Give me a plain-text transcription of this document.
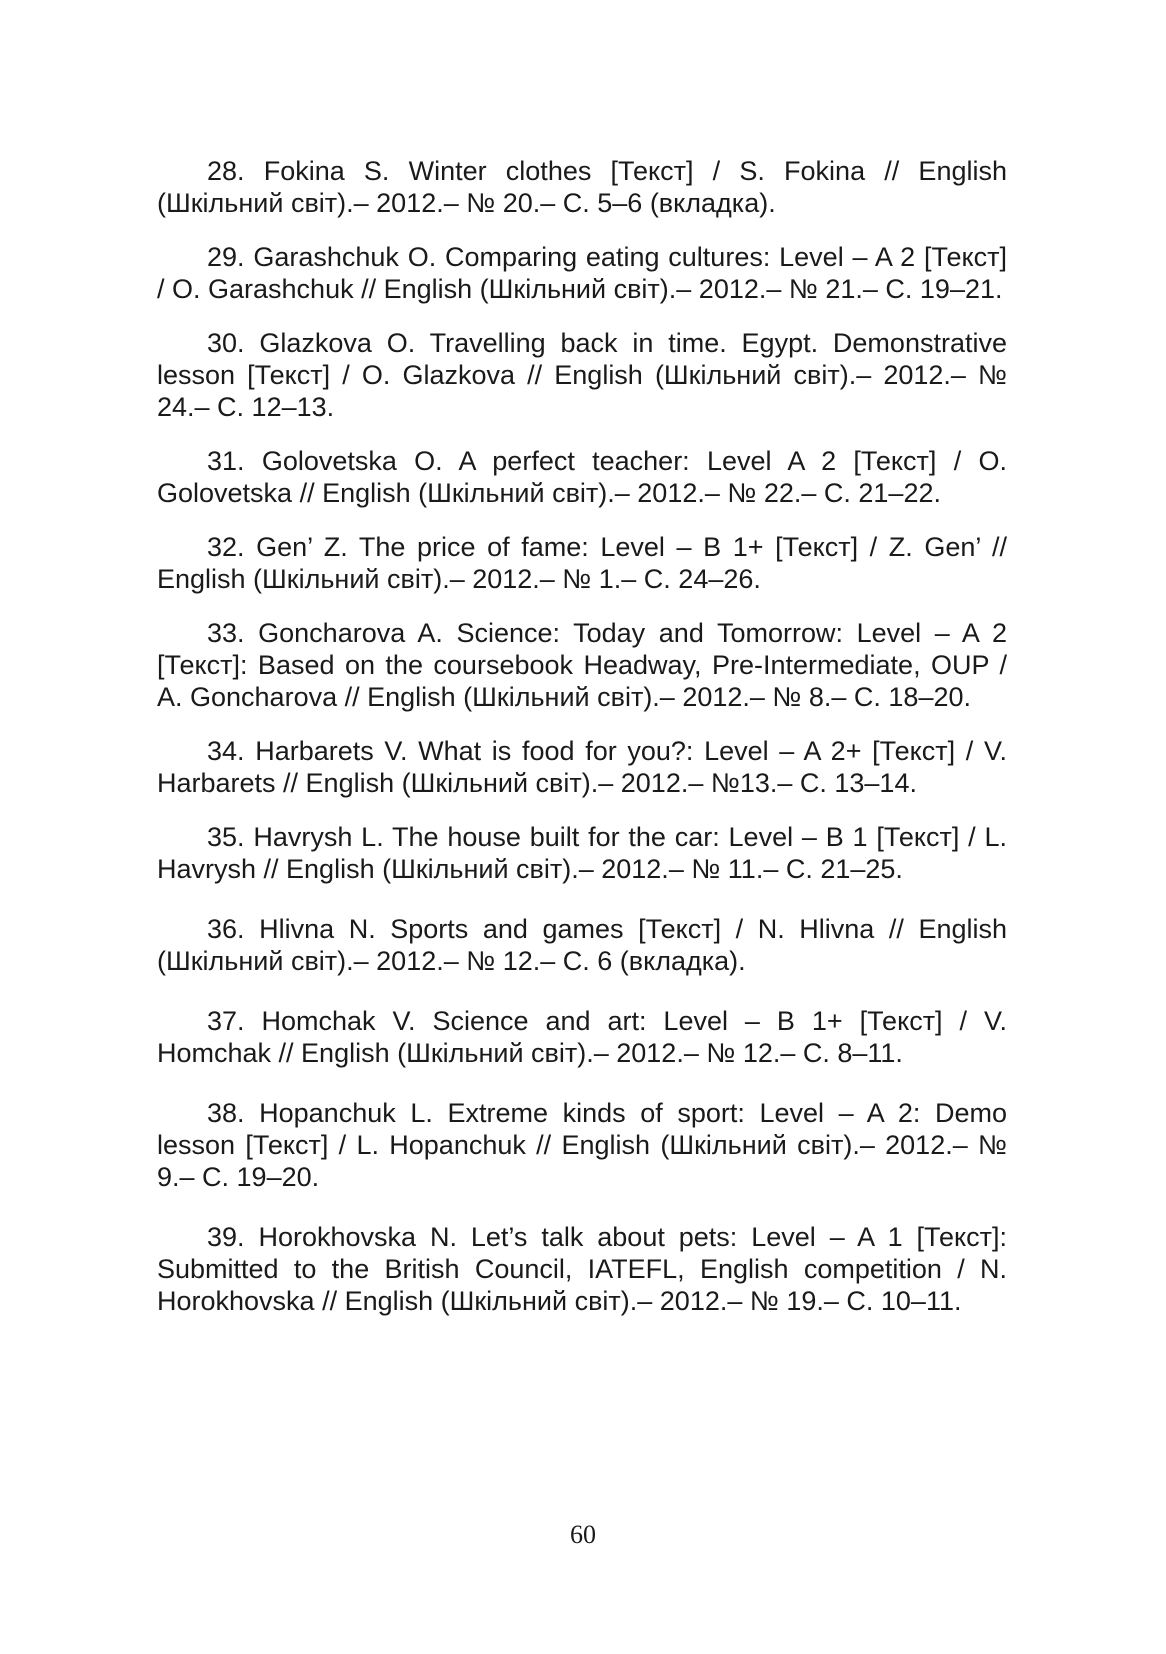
28. Fokina S. Winter clothes [Текст] / S. Fokina // English (Шкільний світ).– 2012.– № 20.– С. 5–6 (вкладка).

29. Garashchuk O. Comparing eating cultures: Level – A 2 [Текст] / O. Garashchuk // English (Шкільний світ).– 2012.– № 21.– С. 19–21.

30. Glazkova O. Travelling back in time. Egypt. Demonstrative lesson [Текст] / O. Glazkova // English (Шкільний світ).– 2012.– № 24.– С. 12–13.

31. Golovetska O. A perfect teacher: Level A 2 [Текст] / O. Golovetska // English (Шкільний світ).– 2012.– № 22.– С. 21–22.

32. Gen’ Z. The price of fame: Level – B 1+ [Текст] / Z. Gen’ // English (Шкільний світ).– 2012.– № 1.– С. 24–26.

33. Goncharova A. Science: Today and Tomorrow: Level – A 2 [Текст]: Based on the coursebook Headway, Pre-Intermediate, OUP / A. Goncharova // English (Шкільний світ).– 2012.– № 8.– С. 18–20.

34. Harbarets V. What is food for you?: Level – A 2+ [Текст] / V. Harbarets // English (Шкільний світ).– 2012.– №13.– С. 13–14.

35. Havrysh L. The house built for the car: Level – B 1 [Текст] / L. Havrysh // English (Шкільний світ).– 2012.– № 11.– С. 21–25.

36. Hlivna N. Sports and games [Текст] / N. Hlivna // English (Шкільний світ).– 2012.– № 12.– С. 6 (вкладка).

37. Homchak V. Science and art: Level – B 1+ [Текст] / V. Homchak // English (Шкільний світ).– 2012.– № 12.– С. 8–11.

38. Hopanchuk L. Extreme kinds of sport: Level – A 2: Demo lesson [Текст] / L. Hopanchuk // English (Шкільний світ).– 2012.– № 9.– С. 19–20.

39. Horokhovska N. Let’s talk about pets: Level – A 1 [Текст]: Submitted to the British Council, IATEFL, English competition / N. Horokhovska // English (Шкільний світ).– 2012.– № 19.– С. 10–11.

60
